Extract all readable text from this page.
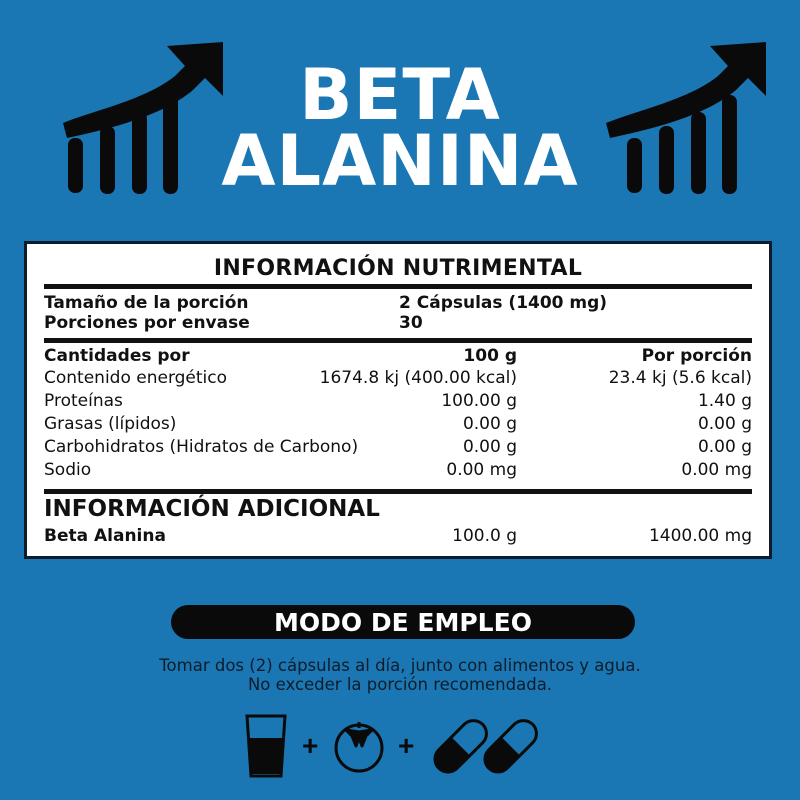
BETA
ALANINA
INFORMACIÓN NUTRIMENTAL
Tamaño de la porción	2 Cápsulas (1400 mg)
Porciones por envase	30
Cantidades por	100 g	Por porción
Contenido energético	1674.8 kj (400.00 kcal)	23.4 kj (5.6 kcal)
Proteínas	100.00 g	1.40 g
Grasas (lípidos)	0.00 g	0.00 g
Carbohidratos (Hidratos de Carbono)	0.00 g	0.00 g
Sodio	0.00 mg	0.00 mg
INFORMACIÓN ADICIONAL
Beta Alanina	100.0 g	1400.00 mg
MODO DE EMPLEO
Tomar dos (2) cápsulas al día, junto con alimentos y agua.
No exceder la porción recomendada.
+	+
